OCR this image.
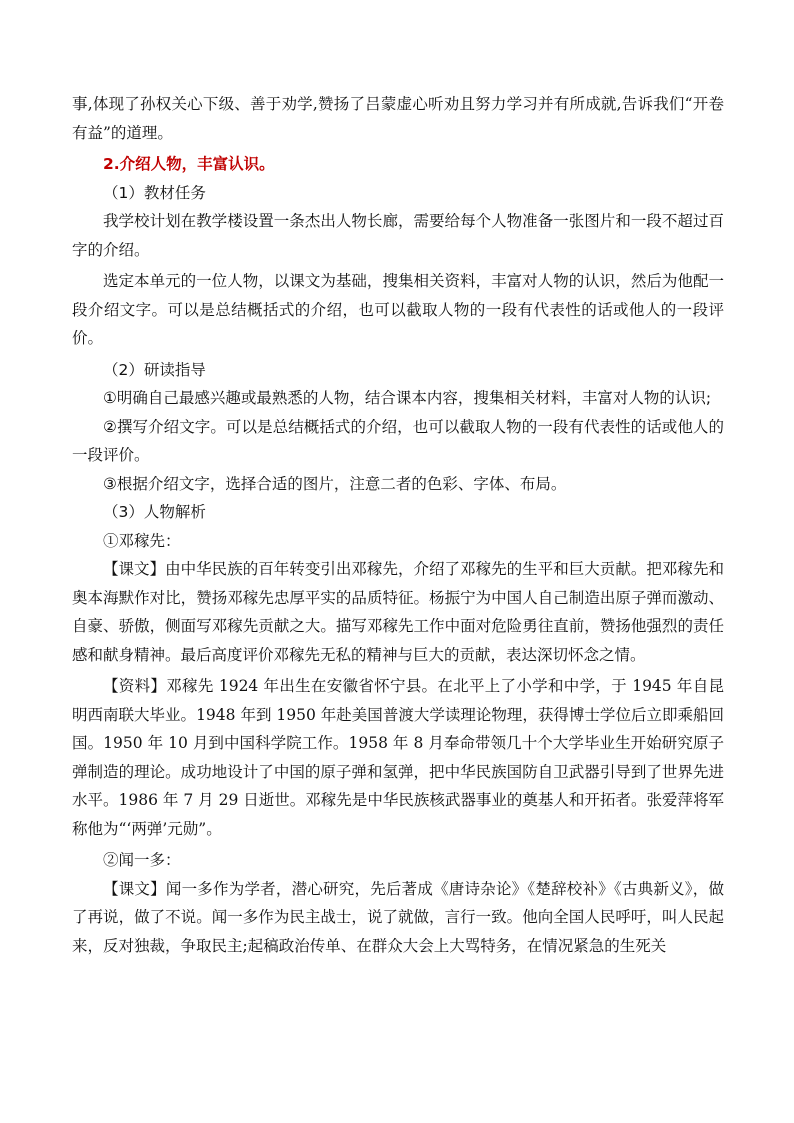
事,体现了孙权关心下级、善于劝学,赞扬了吕蒙虚心听劝且努力学习并有所成就,告诉我们“开卷有益”的道理。

2.介绍人物，丰富认识。

（1）教材任务

我学校计划在教学楼设置一条杰出人物长廊，需要给每个人物准备一张图片和一段不超过百字的介绍。

选定本单元的一位人物，以课文为基础，搜集相关资料，丰富对人物的认识，然后为他配一段介绍文字。可以是总结概括式的介绍，也可以截取人物的一段有代表性的话或他人的一段评价。

（2）研读指导

①明确自己最感兴趣或最熟悉的人物，结合课本内容，搜集相关材料，丰富对人物的认识;

②撰写介绍文字。可以是总结概括式的介绍，也可以截取人物的一段有代表性的话或他人的一段评价。

③根据介绍文字，选择合适的图片，注意二者的色彩、字体、布局。

（3）人物解析

①邓稼先：

【课文】由中华民族的百年转变引出邓稼先，介绍了邓稼先的生平和巨大贡献。把邓稼先和奥本海默作对比，赞扬邓稼先忠厚平实的品质特征。杨振宁为中国人自己制造出原子弹而激动、自豪、骄傲，侧面写邓稼先贡献之大。描写邓稼先工作中面对危险勇往直前，赞扬他强烈的责任感和献身精神。最后高度评价邓稼先无私的精神与巨大的贡献，表达深切怀念之情。

【资料】邓稼先 1924 年出生在安徽省怀宁县。在北平上了小学和中学，于 1945 年自昆明西南联大毕业。1948 年到 1950 年赴美国普渡大学读理论物理，获得博士学位后立即乘船回国。1950 年 10 月到中国科学院工作。1958 年 8 月奉命带领几十个大学毕业生开始研究原子弹制造的理论。成功地设计了中国的原子弹和氢弹，把中华民族国防自卫武器引导到了世界先进水平。1986 年 7 月 29 日逝世。邓稼先是中华民族核武器事业的奠基人和开拓者。张爱萍将军称他为“‘两弹’元勋”。

②闻一多：

【课文】闻一多作为学者，潜心研究，先后著成《唐诗杂论》《楚辞校补》《古典新义》，做了再说，做了不说。闻一多作为民主战士，说了就做，言行一致。他向全国人民呼吁，叫人民起来，反对独裁，争取民主;起稿政治传单、在群众大会上大骂特务，在情况紧急的生死关
